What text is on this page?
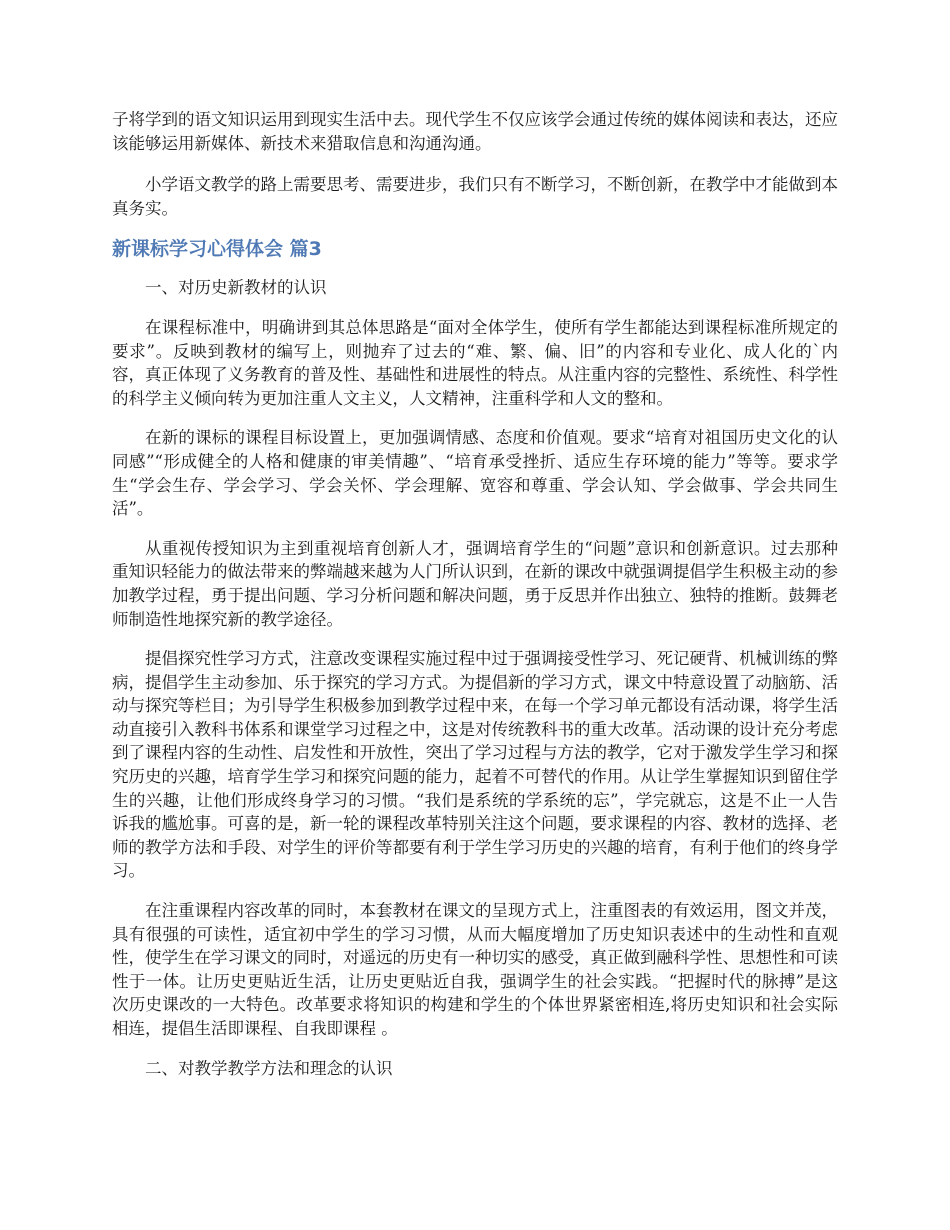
子将学到的语文知识运用到现实生活中去。现代学生不仅应该学会通过传统的媒体阅读和表达，还应该能够运用新媒体、新技术来猎取信息和沟通沟通。

小学语文教学的路上需要思考、需要进步，我们只有不断学习，不断创新，在教学中才能做到本真务实。

新课标学习心得体会 篇3

一、对历史新教材的认识

在课程标准中，明确讲到其总体思路是“面对全体学生，使所有学生都能达到课程标准所规定的要求”。反映到教材的编写上，则抛弃了过去的“难、繁、偏、旧”的内容和专业化、成人化的`内容，真正体现了义务教育的普及性、基础性和进展性的特点。从注重内容的完整性、系统性、科学性的科学主义倾向转为更加注重人文主义，人文精神，注重科学和人文的整和。

在新的课标的课程目标设置上，更加强调情感、态度和价值观。要求“培育对祖国历史文化的认同感”“形成健全的人格和健康的审美情趣”、“培育承受挫折、适应生存环境的能力”等等。要求学生“学会生存、学会学习、学会关怀、学会理解、宽容和尊重、学会认知、学会做事、学会共同生活”。

从重视传授知识为主到重视培育创新人才，强调培育学生的“问题”意识和创新意识。过去那种重知识轻能力的做法带来的弊端越来越为人门所认识到，在新的课改中就强调提倡学生积极主动的参加教学过程，勇于提出问题、学习分析问题和解决问题，勇于反思并作出独立、独特的推断。鼓舞老师制造性地探究新的教学途径。

提倡探究性学习方式，注意改变课程实施过程中过于强调接受性学习、死记硬背、机械训练的弊病，提倡学生主动参加、乐于探究的学习方式。为提倡新的学习方式，课文中特意设置了动脑筋、活动与探究等栏目；为引导学生积极参加到教学过程中来，在每一个学习单元都设有活动课，将学生活动直接引入教科书体系和课堂学习过程之中，这是对传统教科书的重大改革。活动课的设计充分考虑到了课程内容的生动性、启发性和开放性，突出了学习过程与方法的教学，它对于激发学生学习和探究历史的兴趣，培育学生学习和探究问题的能力，起着不可替代的作用。从让学生掌握知识到留住学生的兴趣，让他们形成终身学习的习惯。“我们是系统的学系统的忘”，学完就忘，这是不止一人告诉我的尴尬事。可喜的是，新一轮的课程改革特别关注这个问题，要求课程的内容、教材的选择、老师的教学方法和手段、对学生的评价等都要有利于学生学习历史的兴趣的培育，有利于他们的终身学习。

在注重课程内容改革的同时，本套教材在课文的呈现方式上，注重图表的有效运用，图文并茂，具有很强的可读性，适宜初中学生的学习习惯，从而大幅度增加了历史知识表述中的生动性和直观性，使学生在学习课文的同时，对遥远的历史有一种切实的感受，真正做到融科学性、思想性和可读性于一体。让历史更贴近生活，让历史更贴近自我，强调学生的社会实践。“把握时代的脉搏”是这次历史课改的一大特色。改革要求将知识的构建和学生的个体世界紧密相连,将历史知识和社会实际相连，提倡生活即课程、自我即课程 。

二、对教学教学方法和理念的认识
